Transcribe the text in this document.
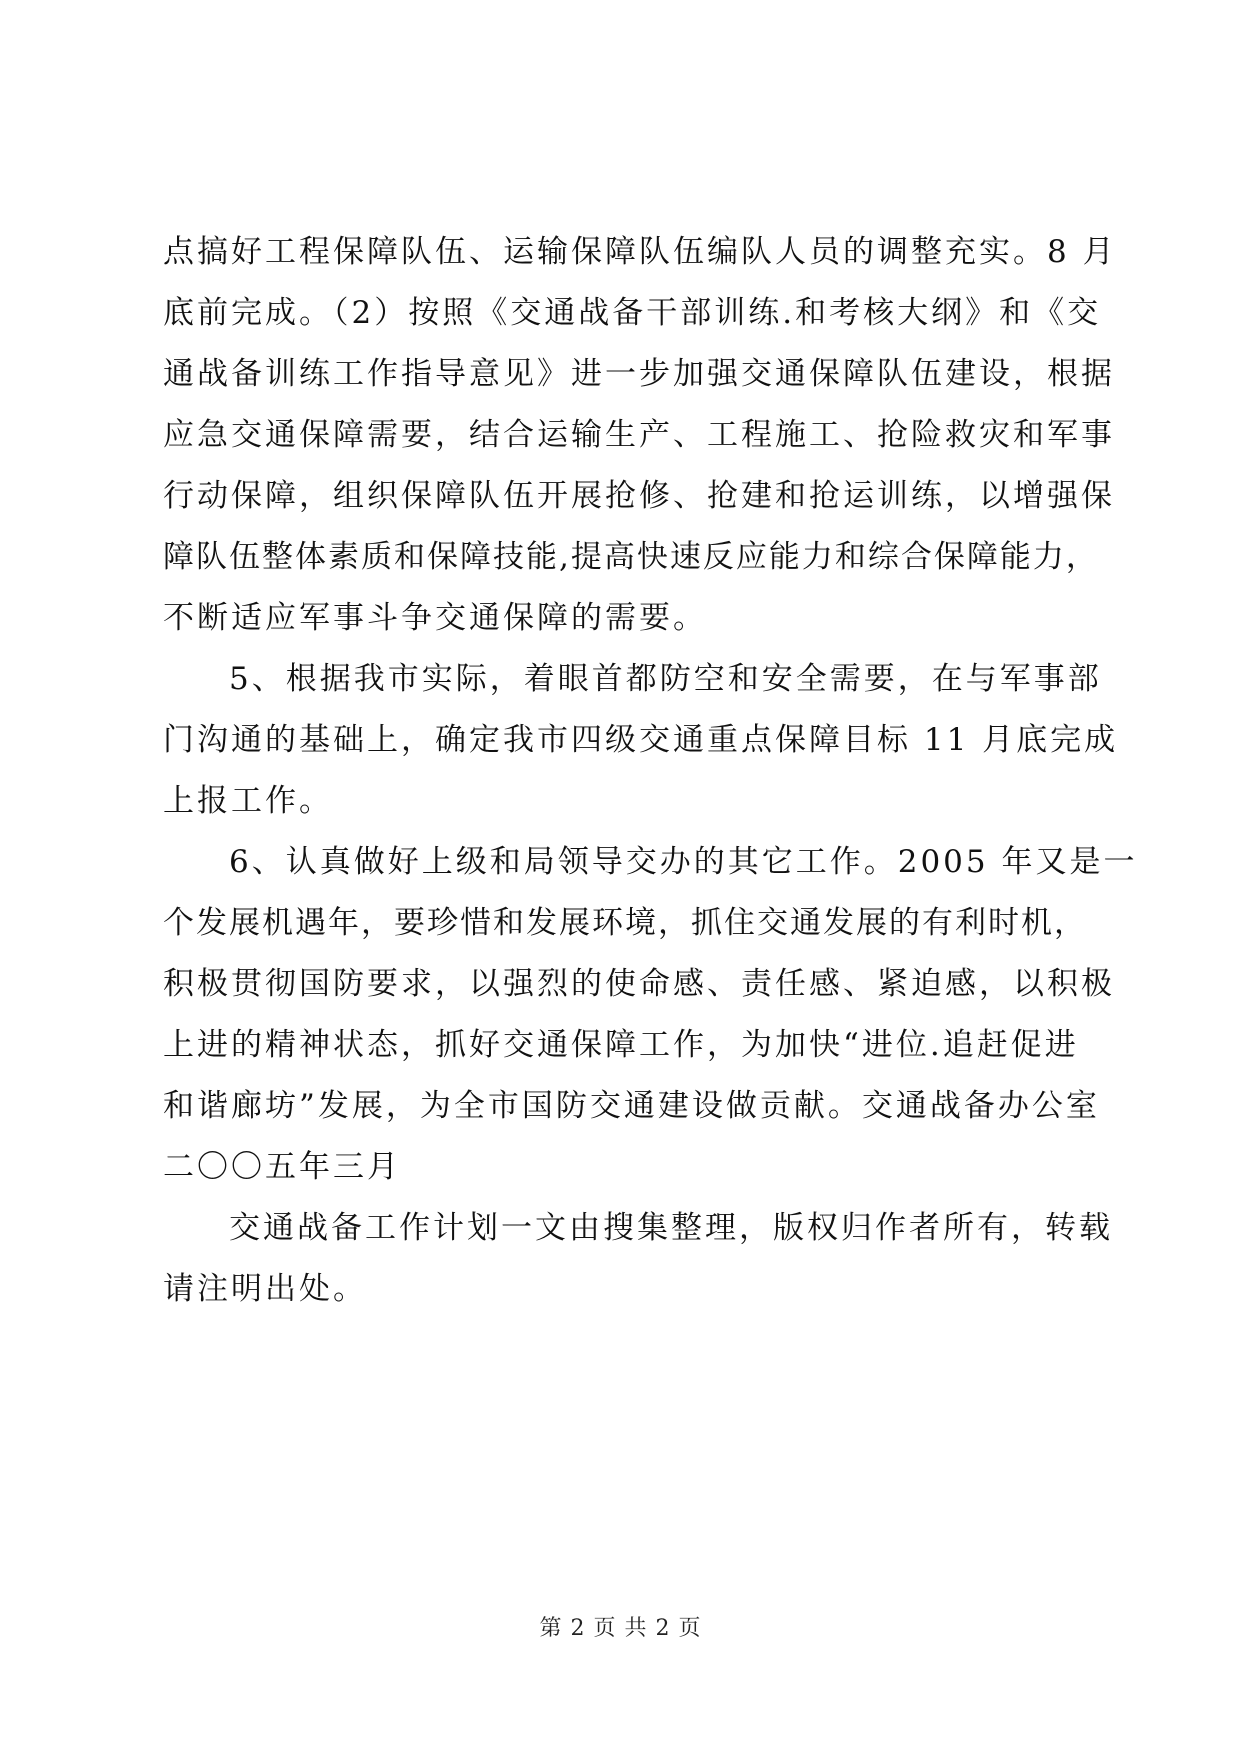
点搞好工程保障队伍、运输保障队伍编队人员的调整充实。8 月
底前完成。（2）按照《交通战备干部训练.和考核大纲》和《交
通战备训练工作指导意见》进一步加强交通保障队伍建设，根据
应急交通保障需要，结合运输生产、工程施工、抢险救灾和军事
行动保障，组织保障队伍开展抢修、抢建和抢运训练，以增强保
障队伍整体素质和保障技能,提高快速反应能力和综合保障能力，
不断适应军事斗争交通保障的需要。
5、根据我市实际，着眼首都防空和安全需要，在与军事部
门沟通的基础上，确定我市四级交通重点保障目标 11 月底完成
上报工作。
6、认真做好上级和局领导交办的其它工作。2005 年又是一
个发展机遇年，要珍惜和发展环境，抓住交通发展的有利时机，
积极贯彻国防要求，以强烈的使命感、责任感、紧迫感，以积极
上进的精神状态，抓好交通保障工作，为加快“进位.追赶促进
和谐廊坊”发展，为全市国防交通建设做贡献。交通战备办公室
二〇〇五年三月
交通战备工作计划一文由搜集整理，版权归作者所有，转载
请注明出处。
第 2 页 共 2 页
